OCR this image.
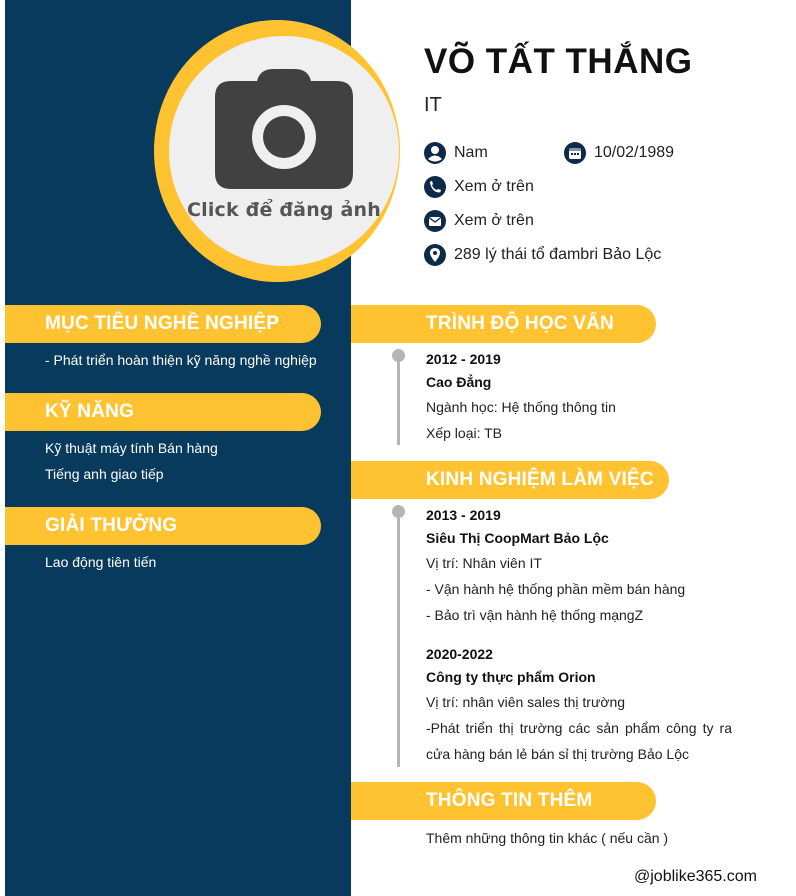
Click để đăng ảnh
VÕ TẤT THẮNG
IT
Nam	10/02/1989
Xem ở trên
Xem ở trên
289 lý thái tổ đambri Bảo Lộc
MỤC TIÊU NGHỀ NGHIỆP
- Phát triển hoàn thiện kỹ năng nghề nghiệp
KỸ NĂNG
Kỹ thuật máy tính Bán hàng
Tiếng anh giao tiếp
GIẢI THƯỞNG
Lao động tiên tiến
TRÌNH ĐỘ HỌC VẤN
2012 - 2019
Cao Đẳng
Ngành học: Hệ thống thông tin
Xếp loại: TB
KINH NGHIỆM LÀM VIỆC
2013 - 2019
Siêu Thị CoopMart Bảo Lộc
Vị trí: Nhân viên IT
- Vận hành hệ thống phần mềm bán hàng
- Bảo trì vận hành hệ thống mạngZ
2020-2022
Công ty thực phẩm Orion
Vị trí: nhân viên sales thị trường
-Phát triển thị trường các sản phẩm công ty ra
cửa hàng bán lẻ bán sỉ thị trường Bảo Lộc
THÔNG TIN THÊM
Thêm những thông tin khác ( nếu cần )
@joblike365.com
